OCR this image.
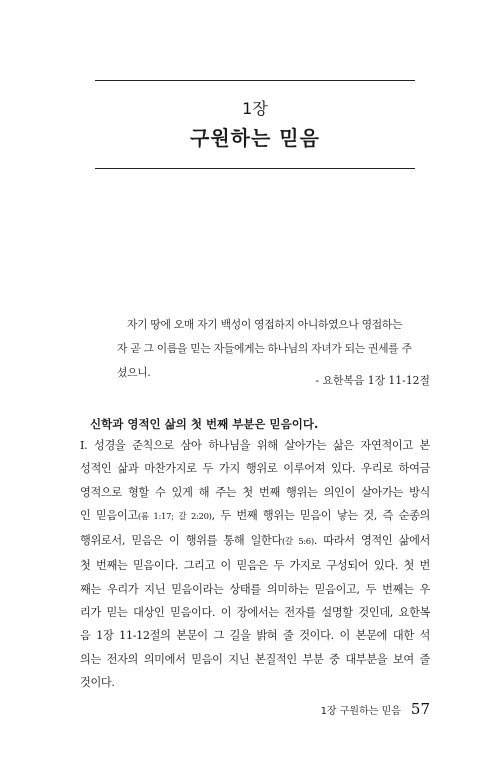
1장
구원하는 믿음
자기 땅에 오매 자기 백성이 영접하지 아니하였으나 영접하는
자 곧 그 이름을 믿는 자들에게는 하나님의 자녀가 되는 권세를 주
셨으니.
- 요한복음 1장 11-12절
신학과 영적인 삶의 첫 번째 부분은 믿음이다.
I. 성경을 준칙으로 삼아 하나님을 위해 살아가는 삶은 자연적이고 본
성적인 삶과 마찬가지로 두 가지 행위로 이루어져 있다. 우리로 하여금
영적으로 형할 수 있게 해 주는 첫 번째 행위는 의인이 살아가는 방식
인 믿음이고(롬 1:17; 갈 2:20), 두 번째 행위는 믿음이 낳는 것, 즉 순종의
행위로서, 믿음은 이 행위를 통해 일한다(갈 5:6). 따라서 영적인 삶에서
첫 번째는 믿음이다. 그리고 이 믿음은 두 가지로 구성되어 있다. 첫 번
째는 우리가 지닌 믿음이라는 상태를 의미하는 믿음이고, 두 번째는 우
리가 믿는 대상인 믿음이다. 이 장에서는 전자를 설명할 것인데, 요한복
음 1장 11-12절의 본문이 그 길을 밝혀 줄 것이다. 이 본문에 대한 석
의는 전자의 의미에서 믿음이 지닌 본질적인 부분 중 대부분을 보여 줄
것이다.
1장 구원하는 믿음 57
